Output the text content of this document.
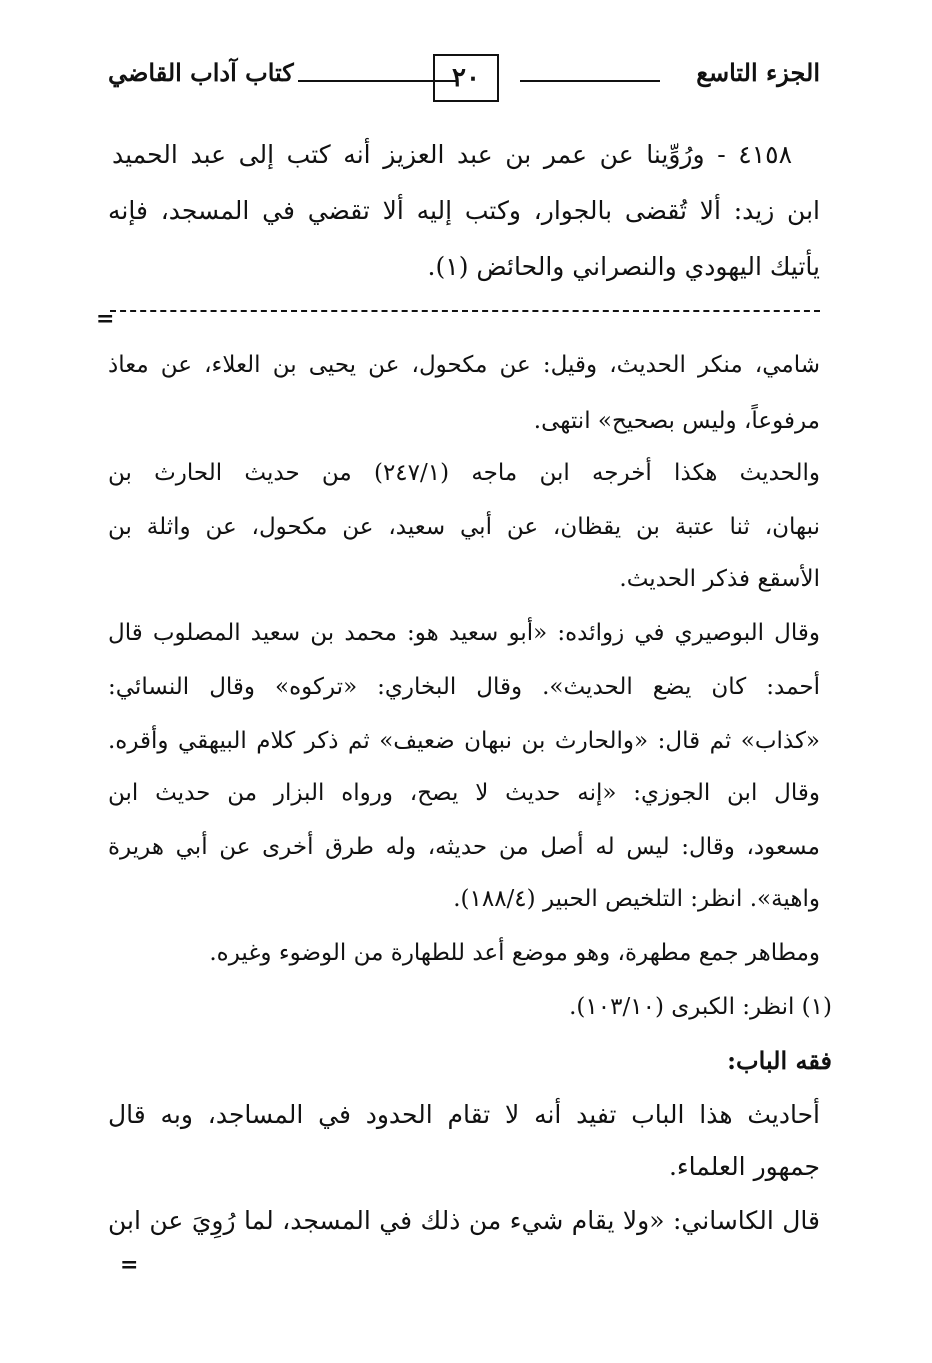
الجزء التاسع
٢٠
كتاب آداب القاضي
٤١٥٨ - ورُوِّينا عن عمر بن عبد العزيز أنه كتب إلى عبد الحميد
ابن زيد: ألا تُقضى بالجوار، وكتب إليه ألا تقضي في المسجد، فإنه
يأتيك اليهودي والنصراني والحائض (١).
=
شامي، منكر الحديث، وقيل: عن مكحول، عن يحيى بن العلاء، عن معاذ
مرفوعاً، وليس بصحيح» انتهى.
والحديث هكذا أخرجه ابن ماجه (٢٤٧/١) من حديث الحارث بن
نبهان، ثنا عتبة بن يقظان، عن أبي سعيد، عن مكحول، عن واثلة بن
الأسقع فذكر الحديث.
وقال البوصيري في زوائده: «أبو سعيد هو: محمد بن سعيد المصلوب قال
أحمد: كان يضع الحديث». وقال البخاري: «تركوه» وقال النسائي:
«كذاب» ثم قال: «والحارث بن نبهان ضعيف» ثم ذكر كلام البيهقي وأقره.
وقال ابن الجوزي: «إنه حديث لا يصح، ورواه البزار من حديث ابن
مسعود، وقال: ليس له أصل من حديثه، وله طرق أخرى عن أبي هريرة
واهية». انظر: التلخيص الحبير (١٨٨/٤).
ومطاهر جمع مطهرة، وهو موضع أعد للطهارة من الوضوء وغيره.
(١) انظر: الكبرى (١٠٣/١٠).
فقه الباب:
أحاديث هذا الباب تفيد أنه لا تقام الحدود في المساجد، وبه قال
جمهور العلماء.
قال الكاساني: «ولا يقام شيء من ذلك في المسجد، لما رُوِيَ عن ابن
=
